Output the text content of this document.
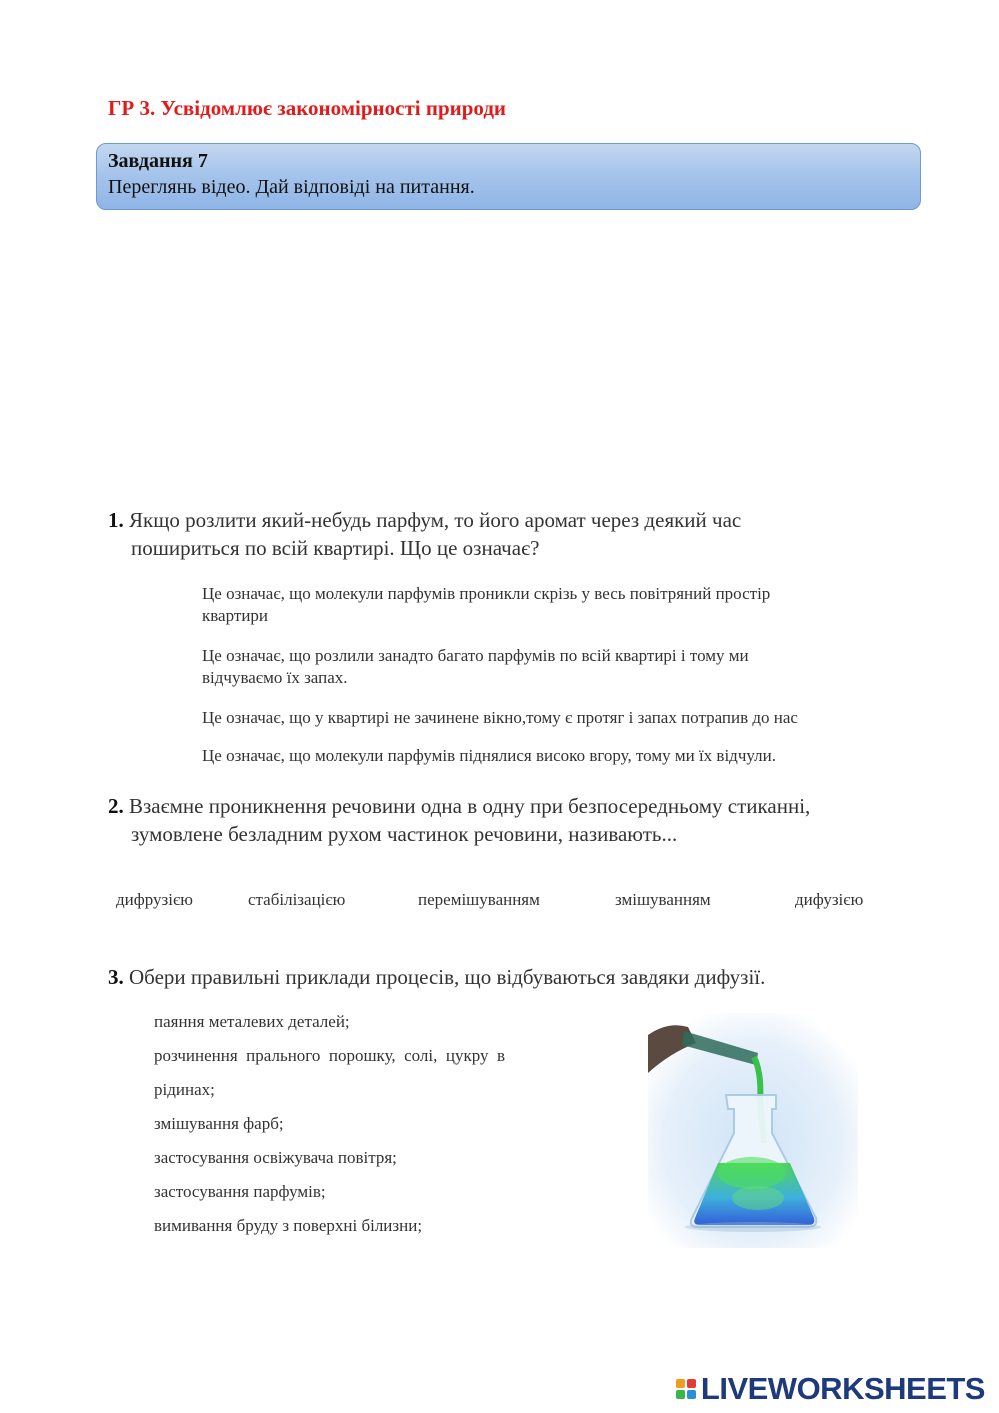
ГР 3. Усвідомлює закономірності природи
Завдання 7
Переглянь відео. Дай відповіді на питання.
1. Якщо розлити який-небудь парфум, то його аромат через деякий час
пошириться по всій квартирі. Що це означає?
Це означає, що молекули парфумів проникли скрізь у весь повітряний простір
квартири
Це означає, що розлили занадто багато парфумів по всій квартирі і тому ми
відчуваємо їх запах.
Це означає, що у квартирі не зачинене вікно,тому є протяг і запах потрапив до нас
Це означає, що молекули парфумів піднялися високо вгору, тому ми їх відчули.
2. Взаємне проникнення речовини одна в одну при безпосередньому стиканні,
зумовлене безладним рухом частинок речовини, називають...
дифрузією	стабілізацією	перемішуванням	змішуванням	дифузією
3. Обери правильні приклади процесів, що відбуваються завдяки дифузії.
паяння металевих деталей;
розчинення  прального  порошку,  солі,  цукру  в
рідинах;
змішування фарб;
застосування освіжувача повітря;
застосування парфумів;
вимивання бруду з поверхні білизни;
LIVEWORKSHEETS
